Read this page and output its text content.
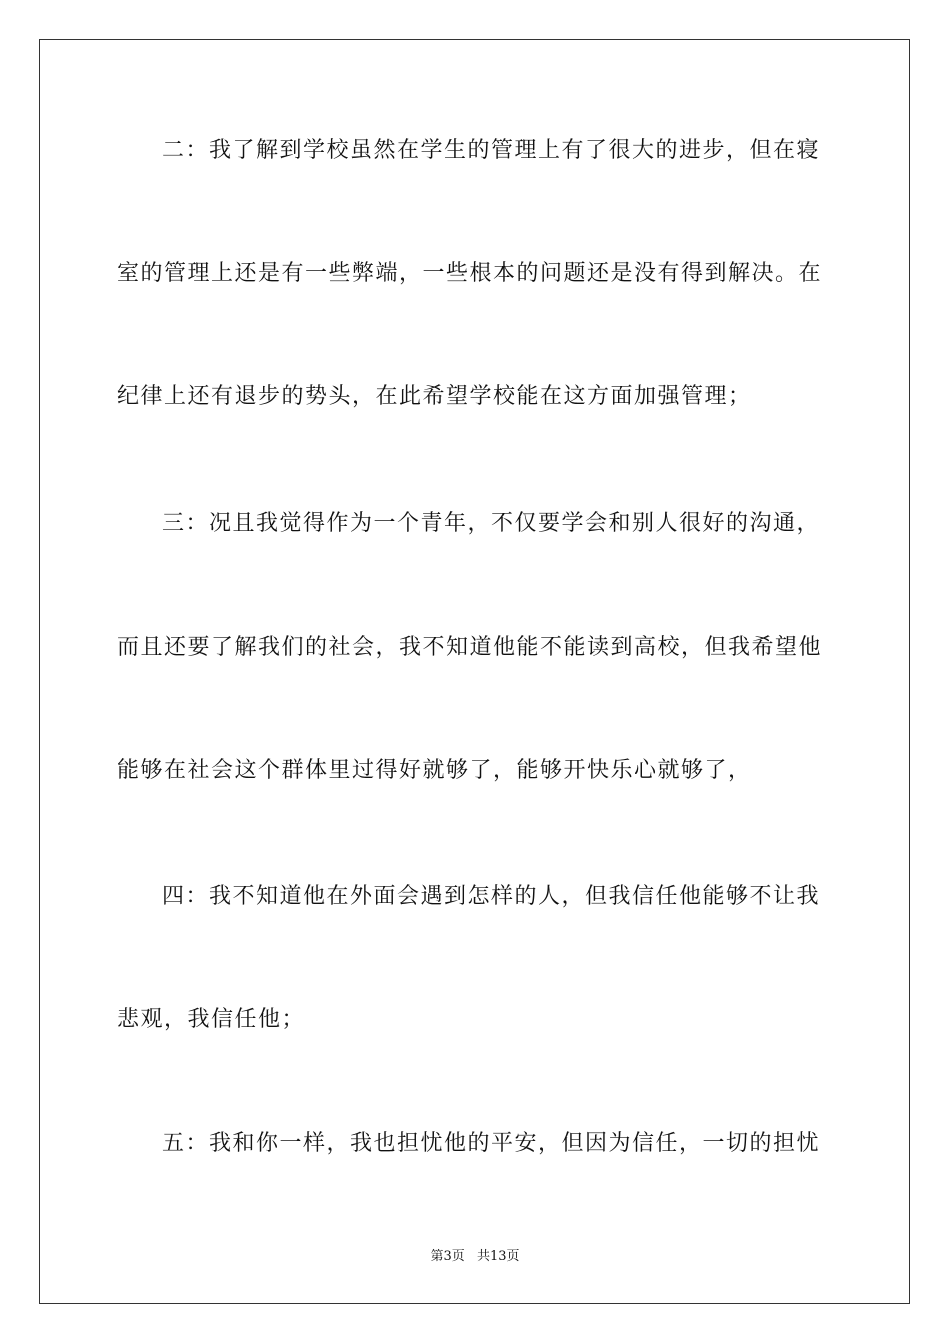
二：我了解到学校虽然在学生的管理上有了很大的进步，但在寝
室的管理上还是有一些弊端，一些根本的问题还是没有得到解决。在
纪律上还有退步的势头，在此希望学校能在这方面加强管理；
三：况且我觉得作为一个青年，不仅要学会和别人很好的沟通，
而且还要了解我们的社会，我不知道他能不能读到高校，但我希望他
能够在社会这个群体里过得好就够了，能够开快乐心就够了，
四：我不知道他在外面会遇到怎样的人，但我信任他能够不让我
悲观，我信任他；
五：我和你一样，我也担忧他的平安，但因为信任，一切的担忧
第3页 共13页
